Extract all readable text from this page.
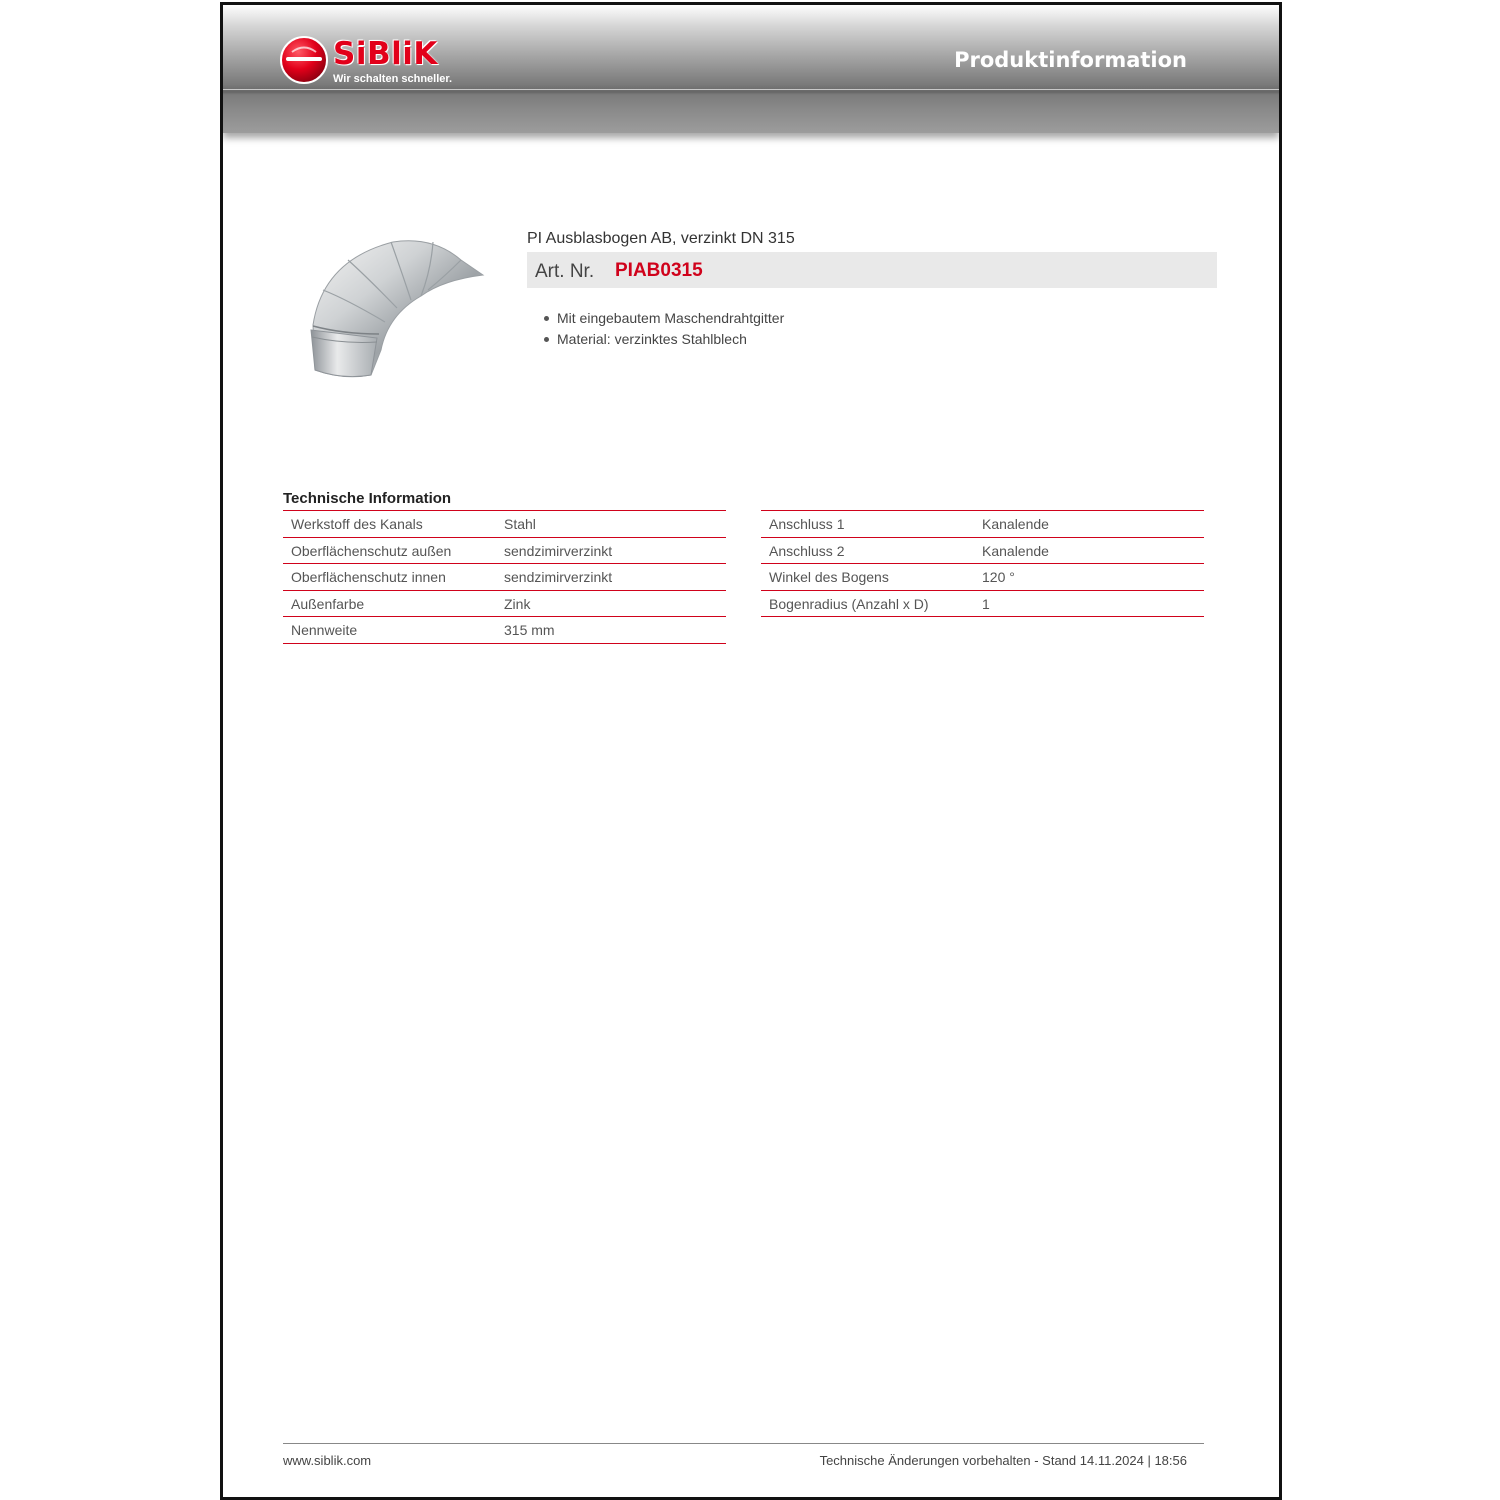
SiBliK
Wir schalten schneller.
Produktinformation
PI Ausblasbogen AB, verzinkt DN 315
Art. Nr. PIAB0315
Mit eingebautem Maschendrahtgitter
Material: verzinktes Stahlblech
Technische Information
Werkstoff des Kanals	Stahl
Oberflächenschutz außen	sendzimirverzinkt
Oberflächenschutz innen	sendzimirverzinkt
Außenfarbe	Zink
Nennweite	315 mm
Anschluss 1	Kanalende
Anschluss 2	Kanalende
Winkel des Bogens	120 °
Bogenradius (Anzahl x D)	1
www.siblik.com	Technische Änderungen vorbehalten - Stand 14.11.2024 | 18:56
